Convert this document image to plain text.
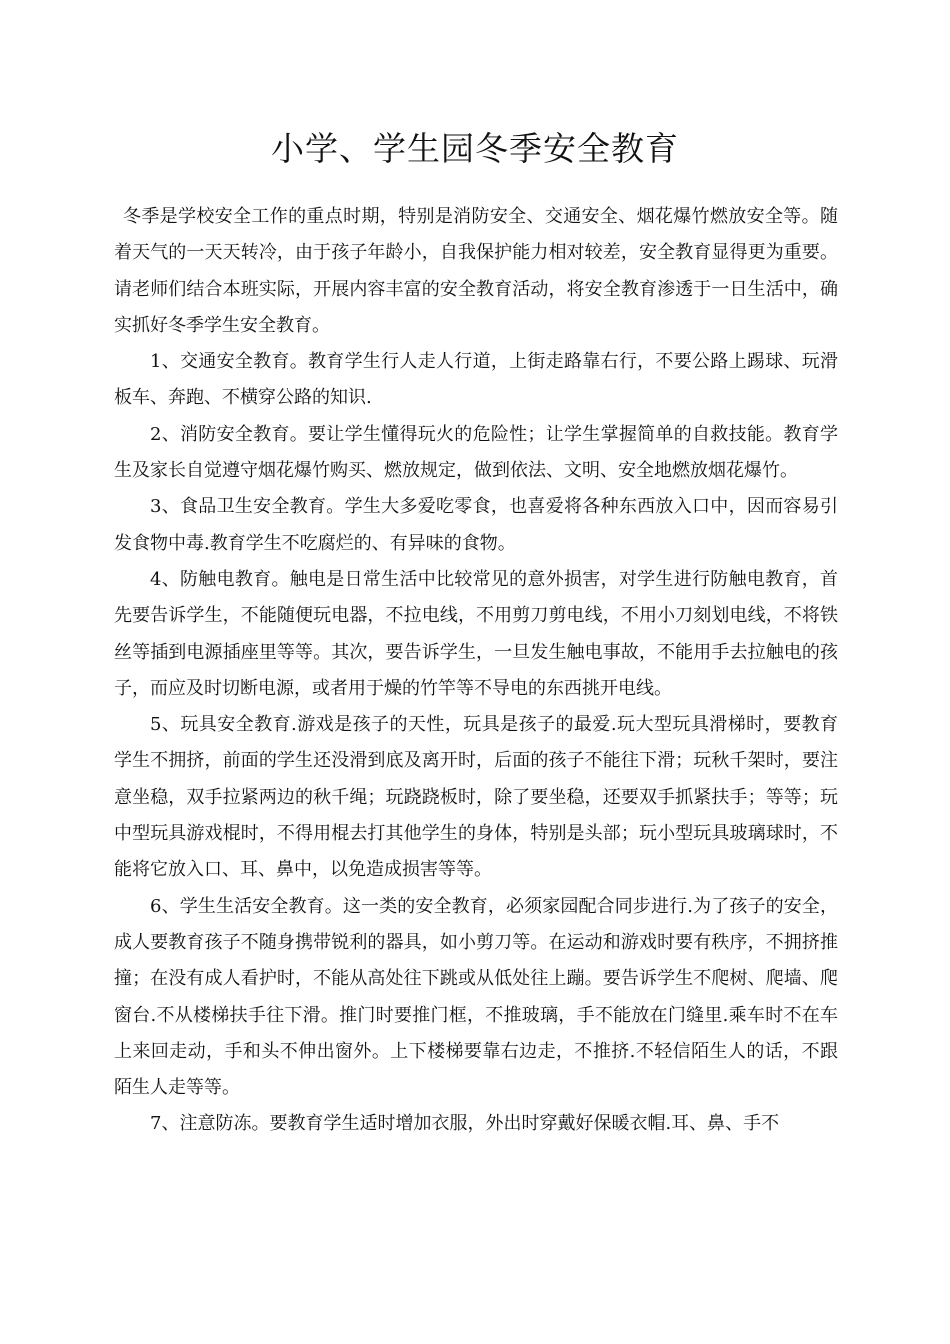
小学、学生园冬季安全教育

冬季是学校安全工作的重点时期，特别是消防安全、交通安全、烟花爆竹燃放安全等。随着天气的一天天转冷，由于孩子年龄小，自我保护能力相对较差，安全教育显得更为重要。请老师们结合本班实际，开展内容丰富的安全教育活动，将安全教育渗透于一日生活中，确实抓好冬季学生安全教育。

1、交通安全教育。教育学生行人走人行道，上街走路靠右行，不要公路上踢球、玩滑板车、奔跑、不横穿公路的知识.

2、消防安全教育。要让学生懂得玩火的危险性；让学生掌握简单的自救技能。教育学生及家长自觉遵守烟花爆竹购买、燃放规定，做到依法、文明、安全地燃放烟花爆竹。

3、食品卫生安全教育。学生大多爱吃零食，也喜爱将各种东西放入口中，因而容易引发食物中毒.教育学生不吃腐烂的、有异味的食物。

4、防触电教育。触电是日常生活中比较常见的意外损害，对学生进行防触电教育，首先要告诉学生，不能随便玩电器，不拉电线，不用剪刀剪电线，不用小刀刻划电线，不将铁丝等插到电源插座里等等。其次，要告诉学生，一旦发生触电事故，不能用手去拉触电的孩子，而应及时切断电源，或者用于燥的竹竿等不导电的东西挑开电线。

5、玩具安全教育.游戏是孩子的天性，玩具是孩子的最爱.玩大型玩具滑梯时，要教育学生不拥挤，前面的学生还没滑到底及离开时，后面的孩子不能往下滑；玩秋千架时，要注意坐稳，双手拉紧两边的秋千绳；玩跷跷板时，除了要坐稳，还要双手抓紧扶手；等等；玩中型玩具游戏棍时，不得用棍去打其他学生的身体，特别是头部；玩小型玩具玻璃球时，不能将它放入口、耳、鼻中，以免造成损害等等。

6、学生生活安全教育。这一类的安全教育，必须家园配合同步进行.为了孩子的安全，成人要教育孩子不随身携带锐利的器具，如小剪刀等。在运动和游戏时要有秩序，不拥挤推撞；在没有成人看护时，不能从高处往下跳或从低处往上蹦。要告诉学生不爬树、爬墙、爬窗台.不从楼梯扶手往下滑。推门时要推门框，不推玻璃，手不能放在门缝里.乘车时不在车上来回走动，手和头不伸出窗外。上下楼梯要靠右边走，不推挤.不轻信陌生人的话，不跟陌生人走等等。

7、注意防冻。要教育学生适时增加衣服，外出时穿戴好保暖衣帽.耳、鼻、手不
